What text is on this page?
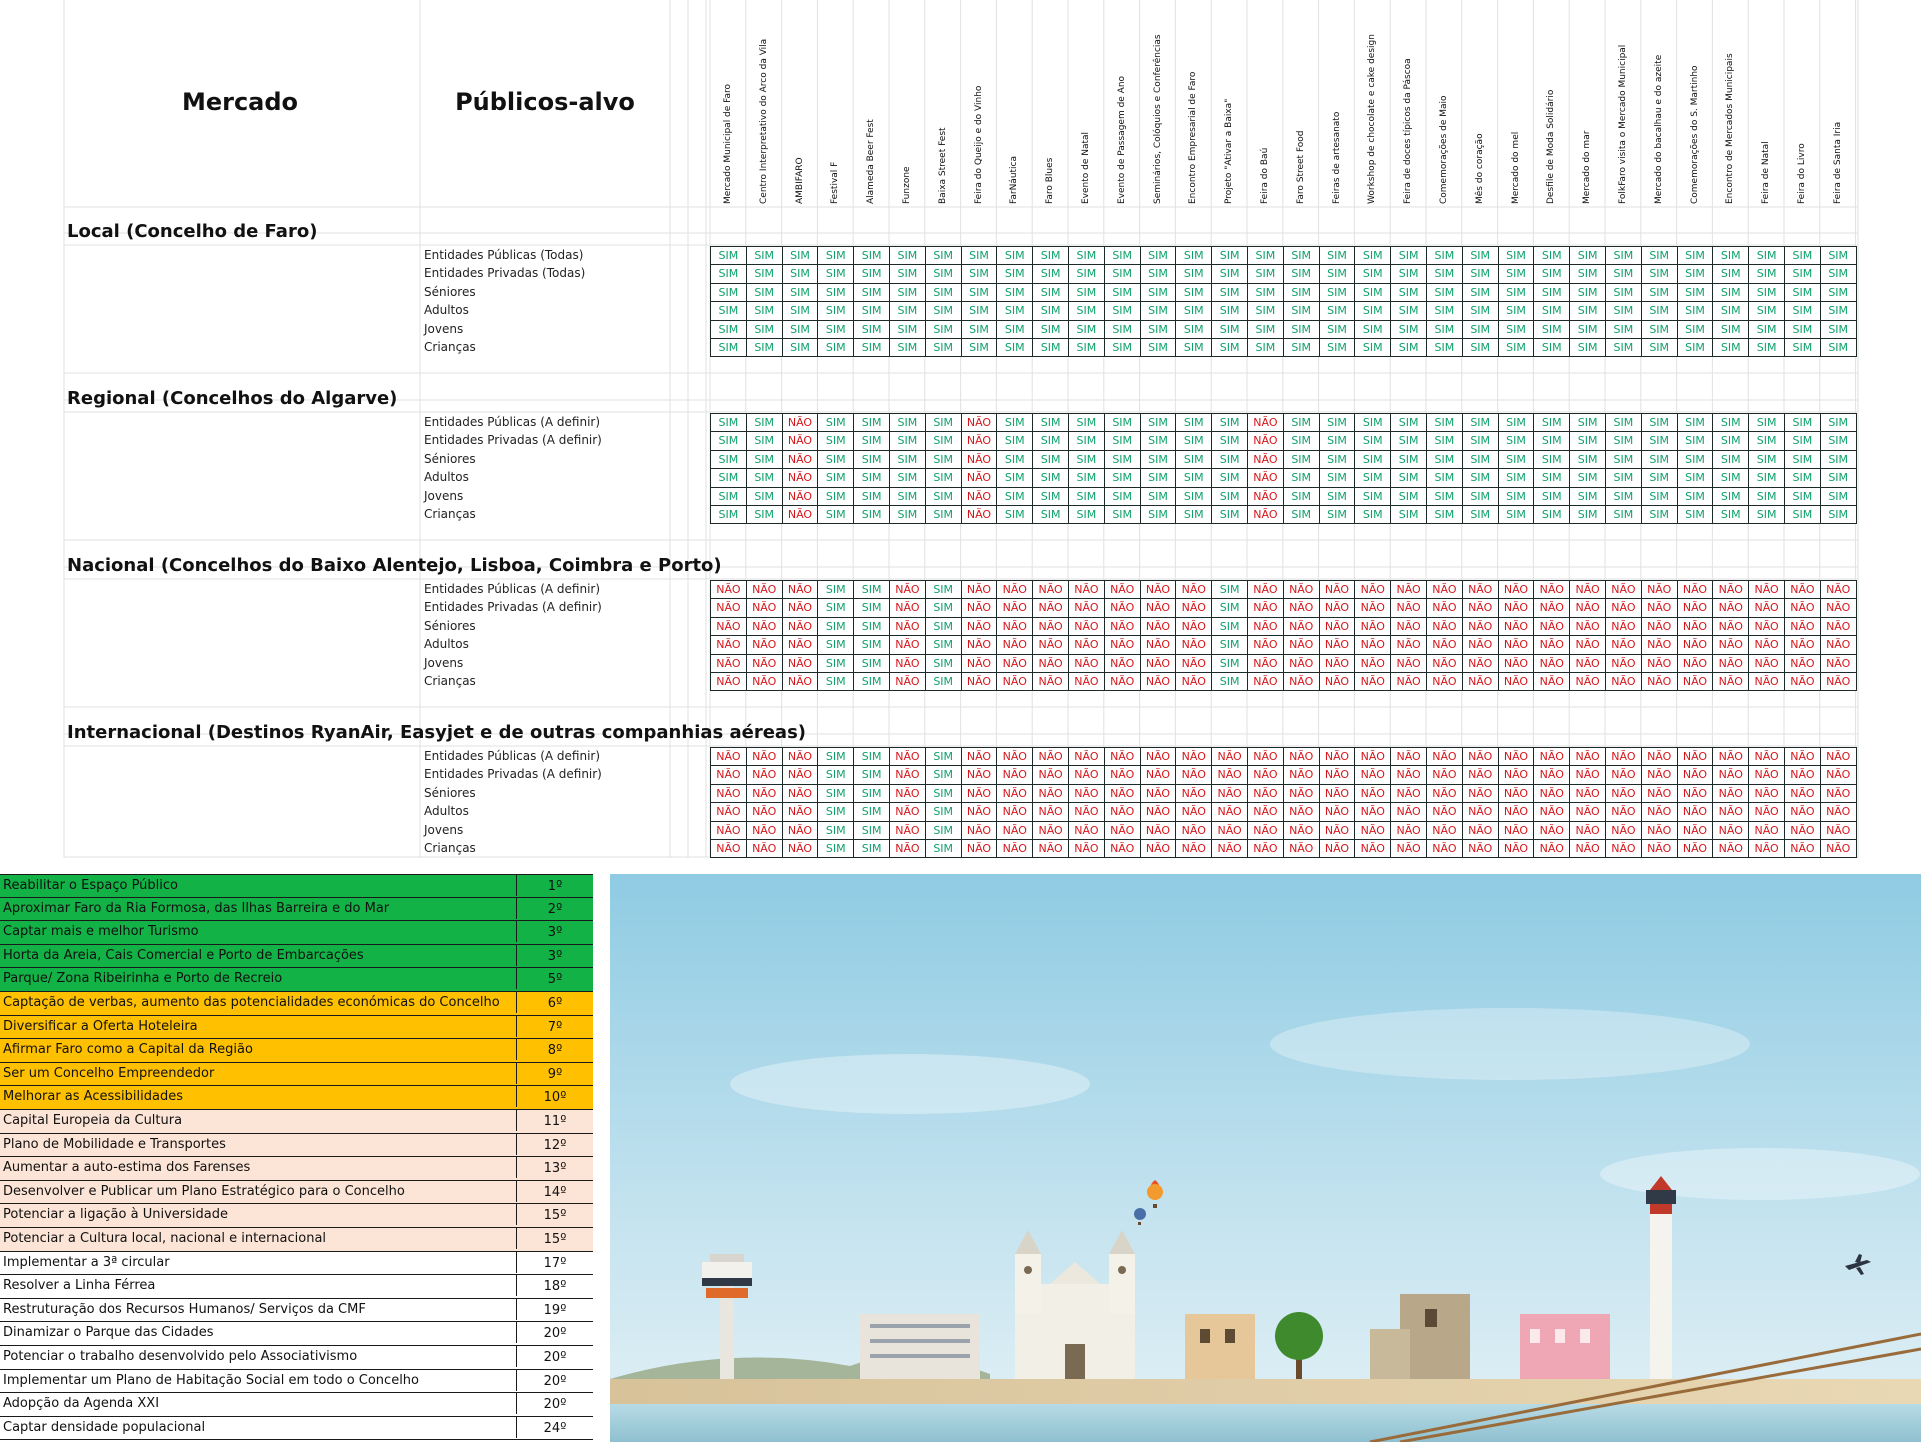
Mercado	Públicos-alvo	Mercado Municipal de Faro	Centro Interpretativo do Arco da Vila	AMBIFARO	Festival F	Alameda Beer Fest	Funzone	Baixa Street Fest	Feira do Queijo e do Vinho	FarNáutica	Faro Blues	Evento de Natal	Evento de Passagem de Ano	Seminários, Colóquios e Conferências	Encontro Empresarial de Faro	Projeto "Ativar a Baixa"	Feira do Baú	Faro Street Food	Feiras de artesanato	Workshop de chocolate e cake design	Feira de doces típicos da Páscoa	Comemorações de Maio	Mês do coração	Mercado do mel	Desfile de Moda Solidário	Mercado do mar	FolkFaro visita o Mercado Municipal	Mercado do bacalhau e do azeite	Comemorações do S. Martinho	Encontro de Mercados Municipais	Feira de Natal	Feira do Livro	Feira de Santa Iria
Local (Concelho de Faro)
Entidades Públicas (Todas)	SIM	SIM	SIM	SIM	SIM	SIM	SIM	SIM	SIM	SIM	SIM	SIM	SIM	SIM	SIM	SIM	SIM	SIM	SIM	SIM	SIM	SIM	SIM	SIM	SIM	SIM	SIM	SIM	SIM	SIM	SIM	SIM
Entidades Privadas (Todas)	SIM	SIM	SIM	SIM	SIM	SIM	SIM	SIM	SIM	SIM	SIM	SIM	SIM	SIM	SIM	SIM	SIM	SIM	SIM	SIM	SIM	SIM	SIM	SIM	SIM	SIM	SIM	SIM	SIM	SIM	SIM	SIM
Séniores	SIM	SIM	SIM	SIM	SIM	SIM	SIM	SIM	SIM	SIM	SIM	SIM	SIM	SIM	SIM	SIM	SIM	SIM	SIM	SIM	SIM	SIM	SIM	SIM	SIM	SIM	SIM	SIM	SIM	SIM	SIM	SIM
Adultos	SIM	SIM	SIM	SIM	SIM	SIM	SIM	SIM	SIM	SIM	SIM	SIM	SIM	SIM	SIM	SIM	SIM	SIM	SIM	SIM	SIM	SIM	SIM	SIM	SIM	SIM	SIM	SIM	SIM	SIM	SIM	SIM
Jovens	SIM	SIM	SIM	SIM	SIM	SIM	SIM	SIM	SIM	SIM	SIM	SIM	SIM	SIM	SIM	SIM	SIM	SIM	SIM	SIM	SIM	SIM	SIM	SIM	SIM	SIM	SIM	SIM	SIM	SIM	SIM	SIM
Crianças	SIM	SIM	SIM	SIM	SIM	SIM	SIM	SIM	SIM	SIM	SIM	SIM	SIM	SIM	SIM	SIM	SIM	SIM	SIM	SIM	SIM	SIM	SIM	SIM	SIM	SIM	SIM	SIM	SIM	SIM	SIM	SIM
Regional (Concelhos do Algarve)
Entidades Públicas (A definir)	SIM	SIM	NÃO	SIM	SIM	SIM	SIM	NÃO	SIM	SIM	SIM	SIM	SIM	SIM	SIM	NÃO	SIM	SIM	SIM	SIM	SIM	SIM	SIM	SIM	SIM	SIM	SIM	SIM	SIM	SIM	SIM	SIM
Entidades Privadas (A definir)	SIM	SIM	NÃO	SIM	SIM	SIM	SIM	NÃO	SIM	SIM	SIM	SIM	SIM	SIM	SIM	NÃO	SIM	SIM	SIM	SIM	SIM	SIM	SIM	SIM	SIM	SIM	SIM	SIM	SIM	SIM	SIM	SIM
Séniores	SIM	SIM	NÃO	SIM	SIM	SIM	SIM	NÃO	SIM	SIM	SIM	SIM	SIM	SIM	SIM	NÃO	SIM	SIM	SIM	SIM	SIM	SIM	SIM	SIM	SIM	SIM	SIM	SIM	SIM	SIM	SIM	SIM
Adultos	SIM	SIM	NÃO	SIM	SIM	SIM	SIM	NÃO	SIM	SIM	SIM	SIM	SIM	SIM	SIM	NÃO	SIM	SIM	SIM	SIM	SIM	SIM	SIM	SIM	SIM	SIM	SIM	SIM	SIM	SIM	SIM	SIM
Jovens	SIM	SIM	NÃO	SIM	SIM	SIM	SIM	NÃO	SIM	SIM	SIM	SIM	SIM	SIM	SIM	NÃO	SIM	SIM	SIM	SIM	SIM	SIM	SIM	SIM	SIM	SIM	SIM	SIM	SIM	SIM	SIM	SIM
Crianças	SIM	SIM	NÃO	SIM	SIM	SIM	SIM	NÃO	SIM	SIM	SIM	SIM	SIM	SIM	SIM	NÃO	SIM	SIM	SIM	SIM	SIM	SIM	SIM	SIM	SIM	SIM	SIM	SIM	SIM	SIM	SIM	SIM
Nacional (Concelhos do Baixo Alentejo, Lisboa, Coimbra e Porto)
Entidades Públicas (A definir)	NÃO	NÃO	NÃO	SIM	SIM	NÃO	SIM	NÃO	NÃO	NÃO	NÃO	NÃO	NÃO	NÃO	SIM	NÃO	NÃO	NÃO	NÃO	NÃO	NÃO	NÃO	NÃO	NÃO	NÃO	NÃO	NÃO	NÃO	NÃO	NÃO	NÃO	NÃO
Entidades Privadas (A definir)	NÃO	NÃO	NÃO	SIM	SIM	NÃO	SIM	NÃO	NÃO	NÃO	NÃO	NÃO	NÃO	NÃO	SIM	NÃO	NÃO	NÃO	NÃO	NÃO	NÃO	NÃO	NÃO	NÃO	NÃO	NÃO	NÃO	NÃO	NÃO	NÃO	NÃO	NÃO
Séniores	NÃO	NÃO	NÃO	SIM	SIM	NÃO	SIM	NÃO	NÃO	NÃO	NÃO	NÃO	NÃO	NÃO	SIM	NÃO	NÃO	NÃO	NÃO	NÃO	NÃO	NÃO	NÃO	NÃO	NÃO	NÃO	NÃO	NÃO	NÃO	NÃO	NÃO	NÃO
Adultos	NÃO	NÃO	NÃO	SIM	SIM	NÃO	SIM	NÃO	NÃO	NÃO	NÃO	NÃO	NÃO	NÃO	SIM	NÃO	NÃO	NÃO	NÃO	NÃO	NÃO	NÃO	NÃO	NÃO	NÃO	NÃO	NÃO	NÃO	NÃO	NÃO	NÃO	NÃO
Jovens	NÃO	NÃO	NÃO	SIM	SIM	NÃO	SIM	NÃO	NÃO	NÃO	NÃO	NÃO	NÃO	NÃO	SIM	NÃO	NÃO	NÃO	NÃO	NÃO	NÃO	NÃO	NÃO	NÃO	NÃO	NÃO	NÃO	NÃO	NÃO	NÃO	NÃO	NÃO
Crianças	NÃO	NÃO	NÃO	SIM	SIM	NÃO	SIM	NÃO	NÃO	NÃO	NÃO	NÃO	NÃO	NÃO	SIM	NÃO	NÃO	NÃO	NÃO	NÃO	NÃO	NÃO	NÃO	NÃO	NÃO	NÃO	NÃO	NÃO	NÃO	NÃO	NÃO	NÃO
Internacional (Destinos RyanAir, Easyjet e de outras companhias aéreas)
Entidades Públicas (A definir)	NÃO	NÃO	NÃO	SIM	SIM	NÃO	SIM	NÃO	NÃO	NÃO	NÃO	NÃO	NÃO	NÃO	NÃO	NÃO	NÃO	NÃO	NÃO	NÃO	NÃO	NÃO	NÃO	NÃO	NÃO	NÃO	NÃO	NÃO	NÃO	NÃO	NÃO	NÃO
Entidades Privadas (A definir)	NÃO	NÃO	NÃO	SIM	SIM	NÃO	SIM	NÃO	NÃO	NÃO	NÃO	NÃO	NÃO	NÃO	NÃO	NÃO	NÃO	NÃO	NÃO	NÃO	NÃO	NÃO	NÃO	NÃO	NÃO	NÃO	NÃO	NÃO	NÃO	NÃO	NÃO	NÃO
Séniores	NÃO	NÃO	NÃO	SIM	SIM	NÃO	SIM	NÃO	NÃO	NÃO	NÃO	NÃO	NÃO	NÃO	NÃO	NÃO	NÃO	NÃO	NÃO	NÃO	NÃO	NÃO	NÃO	NÃO	NÃO	NÃO	NÃO	NÃO	NÃO	NÃO	NÃO	NÃO
Adultos	NÃO	NÃO	NÃO	SIM	SIM	NÃO	SIM	NÃO	NÃO	NÃO	NÃO	NÃO	NÃO	NÃO	NÃO	NÃO	NÃO	NÃO	NÃO	NÃO	NÃO	NÃO	NÃO	NÃO	NÃO	NÃO	NÃO	NÃO	NÃO	NÃO	NÃO	NÃO
Jovens	NÃO	NÃO	NÃO	SIM	SIM	NÃO	SIM	NÃO	NÃO	NÃO	NÃO	NÃO	NÃO	NÃO	NÃO	NÃO	NÃO	NÃO	NÃO	NÃO	NÃO	NÃO	NÃO	NÃO	NÃO	NÃO	NÃO	NÃO	NÃO	NÃO	NÃO	NÃO
Crianças	NÃO	NÃO	NÃO	SIM	SIM	NÃO	SIM	NÃO	NÃO	NÃO	NÃO	NÃO	NÃO	NÃO	NÃO	NÃO	NÃO	NÃO	NÃO	NÃO	NÃO	NÃO	NÃO	NÃO	NÃO	NÃO	NÃO	NÃO	NÃO	NÃO	NÃO	NÃO
Reabilitar o Espaço Público	1º
Aproximar Faro da Ria Formosa, das Ilhas Barreira e do Mar	2º
Captar mais e melhor Turismo	3º
Horta da Areia, Cais Comercial e Porto de Embarcações	3º
Parque/ Zona Ribeirinha e Porto de Recreio	5º
Captação de verbas, aumento das potencialidades económicas do Concelho	6º
Diversificar a Oferta Hoteleira	7º
Afirmar Faro como a Capital da Região	8º
Ser um Concelho Empreendedor	9º
Melhorar as Acessibilidades	10º
Capital Europeia da Cultura	11º
Plano de Mobilidade e Transportes	12º
Aumentar a auto-estima dos Farenses	13º
Desenvolver e Publicar um Plano Estratégico para o Concelho	14º
Potenciar a ligação à Universidade	15º
Potenciar a Cultura local, nacional e internacional	15º
Implementar a 3ª circular	17º
Resolver a Linha Férrea	18º
Restruturação dos Recursos Humanos/ Serviços da CMF	19º
Dinamizar o Parque das Cidades	20º
Potenciar o trabalho desenvolvido pelo Associativismo	20º
Implementar um Plano de Habitação Social em todo o Concelho	20º
Adopção da Agenda XXI	20º
Captar densidade populacional	24º
